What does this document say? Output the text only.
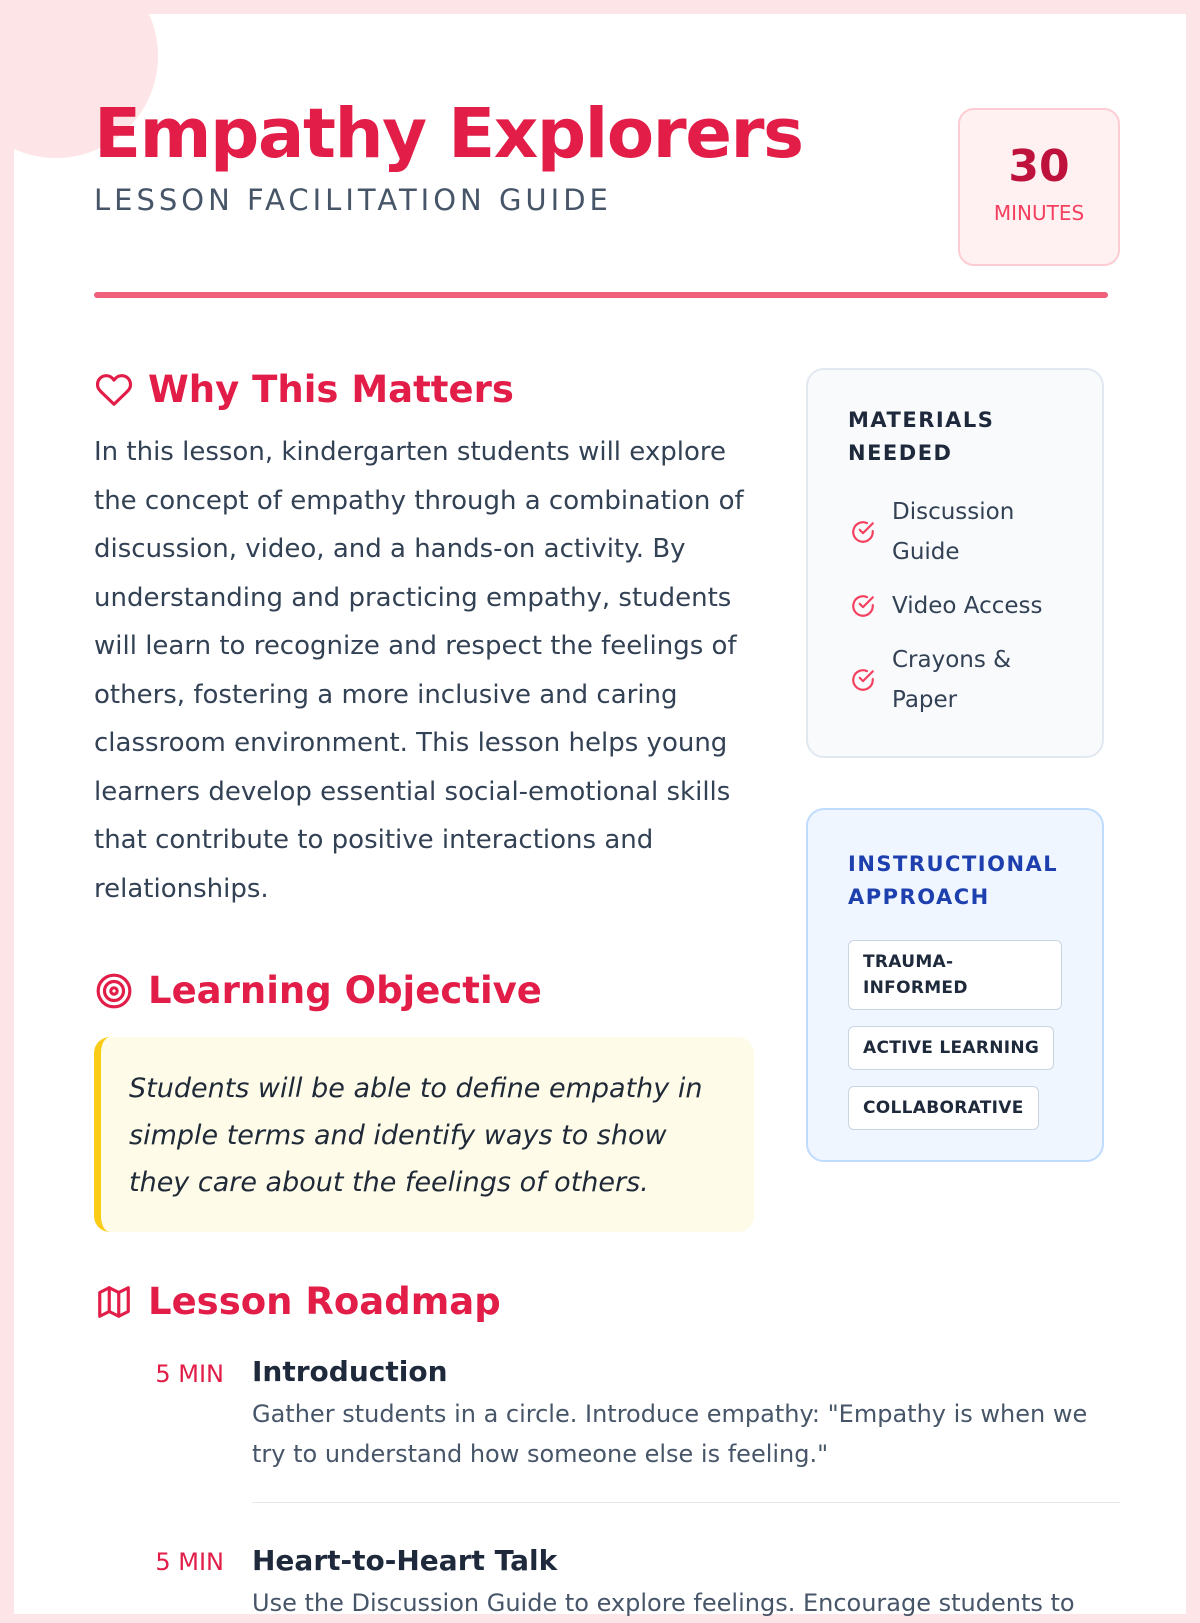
Empathy Explorers
LESSON FACILITATION GUIDE
30
MINUTES
Why This Matters

In this lesson, kindergarten students will explore the concept of empathy through a combination of discussion, video, and a hands-on activity. By understanding and practicing empathy, students will learn to recognize and respect the feelings of others, fostering a more inclusive and caring classroom environment. This lesson helps young learners develop essential social-emotional skills that contribute to positive interactions and relationships.

Learning Objective
Students will be able to define empathy in simple terms and identify ways to show they care about the feelings of others.
MATERIALS NEEDED
Discussion Guide
Video Access
Crayons & Paper
INSTRUCTIONAL APPROACH
TRAUMA-INFORMED
ACTIVE LEARNING
COLLABORATIVE
Lesson Roadmap
5 MIN	Introduction
Gather students in a circle. Introduce empathy: "Empathy is when we try to understand how someone else is feeling."
5 MIN	Heart-to-Heart Talk
Use the Discussion Guide to explore feelings. Encourage students to
